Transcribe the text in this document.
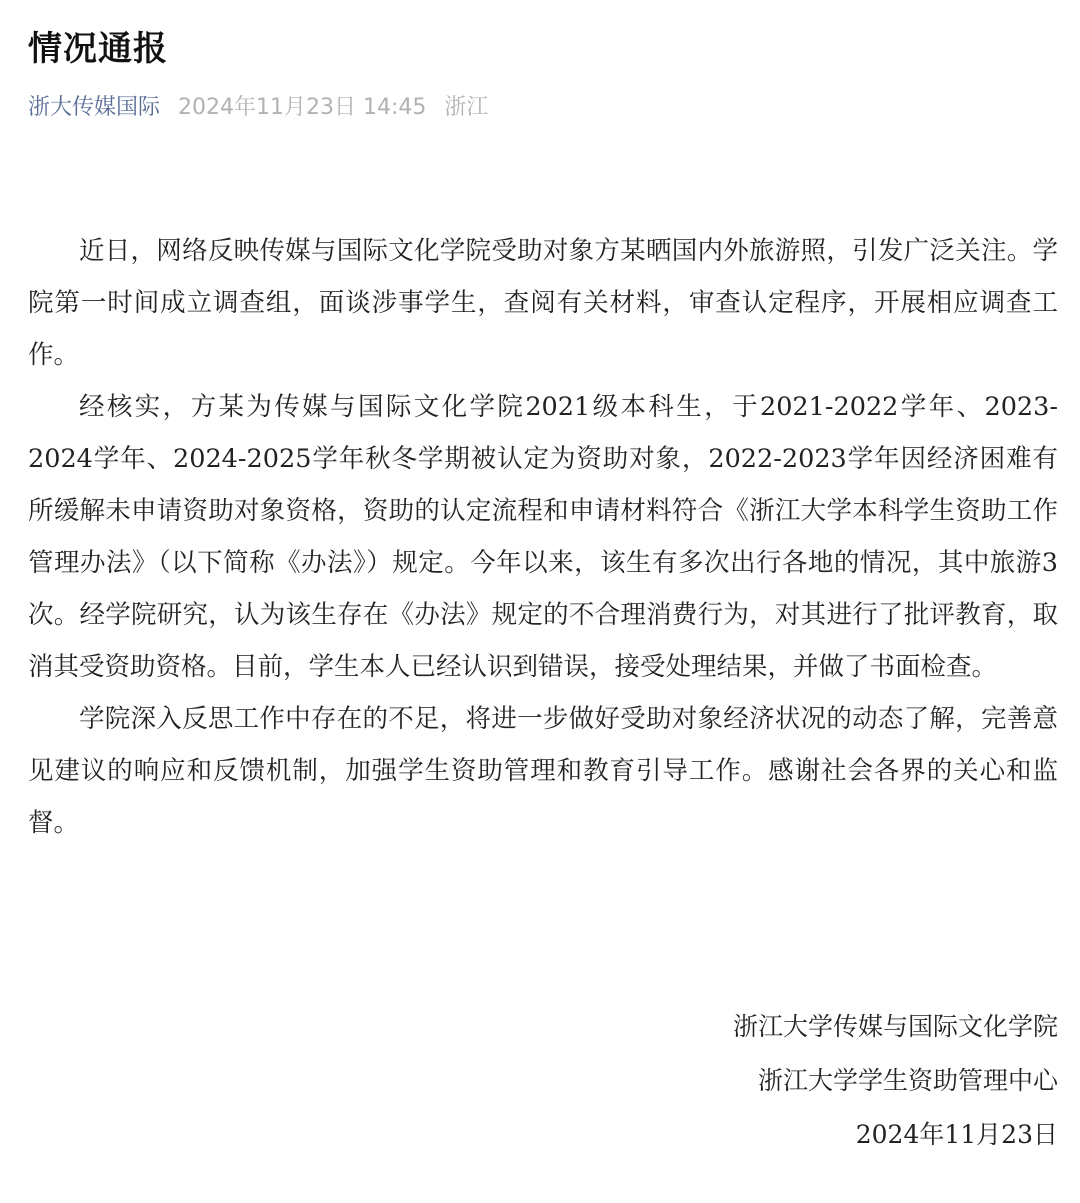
情况通报
浙大传媒国际 2024年11月23日 14:45 浙江

近日，网络反映传媒与国际文化学院受助对象方某晒国内外旅游照，引发广泛关注。学院第一时间成立调查组，面谈涉事学生，查阅有关材料，审查认定程序，开展相应调查工作。

经核实，方某为传媒与国际文化学院2021级本科生，于2021-2022学年、2023-2024学年、2024-2025学年秋冬学期被认定为资助对象，2022-2023学年因经济困难有所缓解未申请资助对象资格，资助的认定流程和申请材料符合《浙江大学本科学生资助工作管理办法》（以下简称《办法》）规定。今年以来，该生有多次出行各地的情况，其中旅游3次。经学院研究，认为该生存在《办法》规定的不合理消费行为，对其进行了批评教育，取消其受资助资格。目前，学生本人已经认识到错误，接受处理结果，并做了书面检查。

学院深入反思工作中存在的不足，将进一步做好受助对象经济状况的动态了解，完善意见建议的响应和反馈机制，加强学生资助管理和教育引导工作。感谢社会各界的关心和监督。

浙江大学传媒与国际文化学院
浙江大学学生资助管理中心
2024年11月23日
